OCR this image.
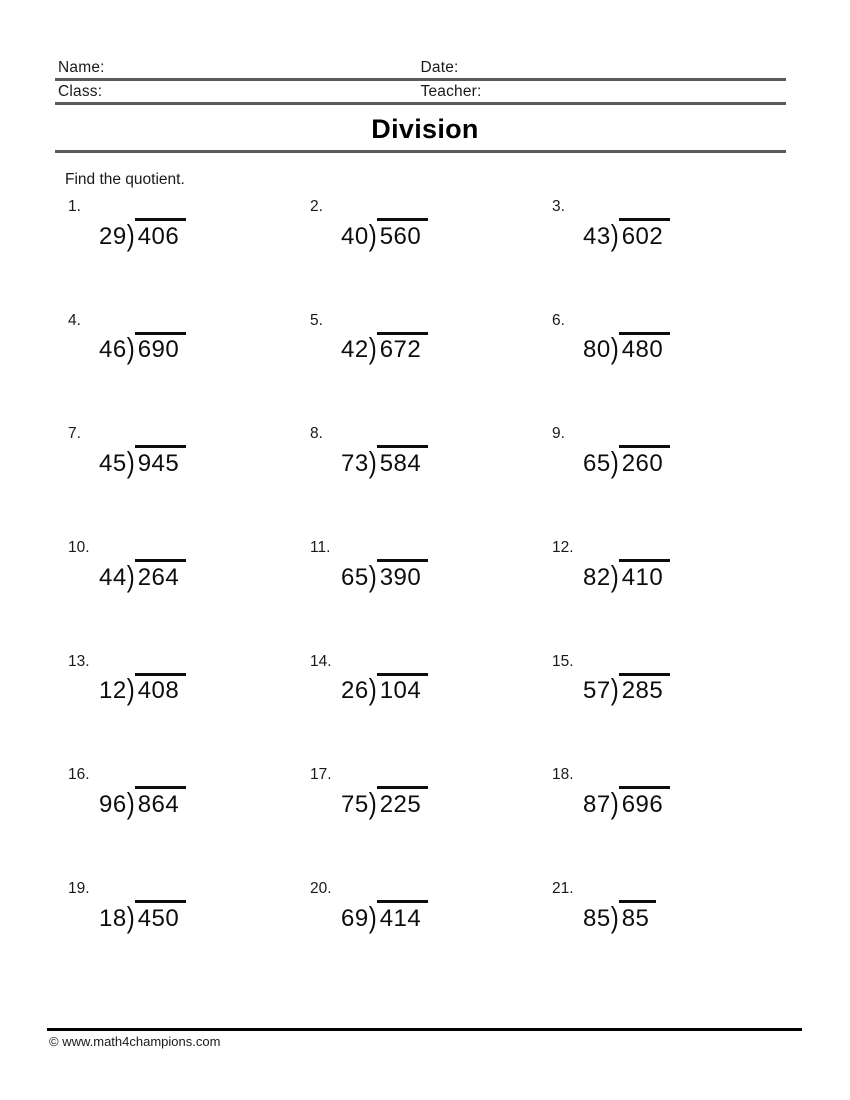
Name:	Date:
Class:	Teacher:
Division
Find the quotient.
1.
29 ) 406
2.
40 ) 560
3.
43 ) 602
4.
46 ) 690
5.
42 ) 672
6.
80 ) 480
7.
45 ) 945
8.
73 ) 584
9.
65 ) 260
10.
44 ) 264
11.
65 ) 390
12.
82 ) 410
13.
12 ) 408
14.
26 ) 104
15.
57 ) 285
16.
96 ) 864
17.
75 ) 225
18.
87 ) 696
19.
18 ) 450
20.
69 ) 414
21.
85 ) 85
© www.math4champions.com
